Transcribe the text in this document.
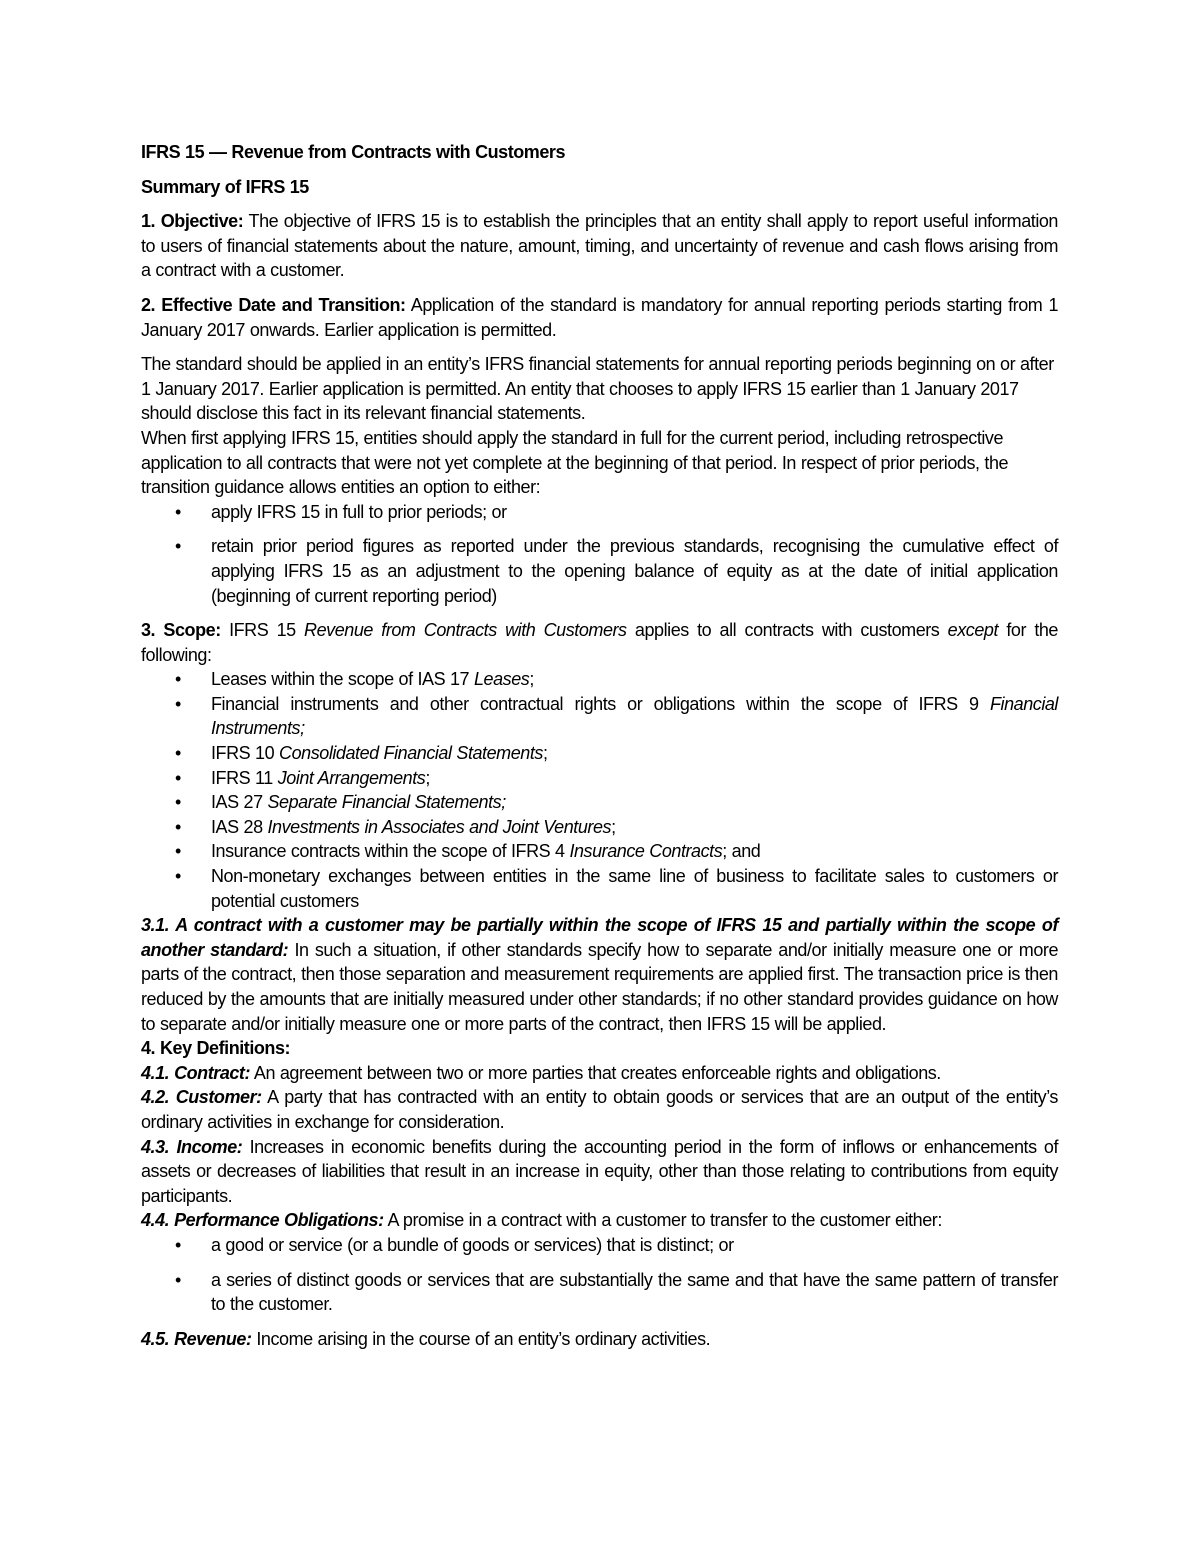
IFRS 15 — Revenue from Contracts with Customers

Summary of IFRS 15

1. Objective: The objective of IFRS 15 is to establish the principles that an entity shall apply to report useful information to users of financial statements about the nature, amount, timing, and uncertainty of revenue and cash flows arising from a contract with a customer.

2. Effective Date and Transition: Application of the standard is mandatory for annual reporting periods starting from 1 January 2017 onwards. Earlier application is permitted.

The standard should be applied in an entity’s IFRS financial statements for annual reporting periods beginning on or after 1 January 2017. Earlier application is permitted. An entity that chooses to apply IFRS 15 earlier than 1 January 2017 should disclose this fact in its relevant financial statements.

When first applying IFRS 15, entities should apply the standard in full for the current period, including retrospective application to all contracts that were not yet complete at the beginning of that period. In respect of prior periods, the transition guidance allows entities an option to either:

• apply IFRS 15 in full to prior periods; or
• retain prior period figures as reported under the previous standards, recognising the cumulative effect of applying IFRS 15 as an adjustment to the opening balance of equity as at the date of initial application (beginning of current reporting period)

3. Scope: IFRS 15 Revenue from Contracts with Customers applies to all contracts with customers except for the following:

• Leases within the scope of IAS 17 Leases;
• Financial instruments and other contractual rights or obligations within the scope of IFRS 9 Financial Instruments;
• IFRS 10 Consolidated Financial Statements;
• IFRS 11 Joint Arrangements;
• IAS 27 Separate Financial Statements;
• IAS 28 Investments in Associates and Joint Ventures;
• Insurance contracts within the scope of IFRS 4 Insurance Contracts; and
• Non-monetary exchanges between entities in the same line of business to facilitate sales to customers or potential customers

3.1. A contract with a customer may be partially within the scope of IFRS 15 and partially within the scope of another standard: In such a situation, if other standards specify how to separate and/or initially measure one or more parts of the contract, then those separation and measurement requirements are applied first. The transaction price is then reduced by the amounts that are initially measured under other standards; if no other standard provides guidance on how to separate and/or initially measure one or more parts of the contract, then IFRS 15 will be applied.

4. Key Definitions:

4.1. Contract: An agreement between two or more parties that creates enforceable rights and obligations.

4.2. Customer: A party that has contracted with an entity to obtain goods or services that are an output of the entity’s ordinary activities in exchange for consideration.

4.3. Income: Increases in economic benefits during the accounting period in the form of inflows or enhancements of assets or decreases of liabilities that result in an increase in equity, other than those relating to contributions from equity participants.

4.4. Performance Obligations: A promise in a contract with a customer to transfer to the customer either:

• a good or service (or a bundle of goods or services) that is distinct; or
• a series of distinct goods or services that are substantially the same and that have the same pattern of transfer to the customer.

4.5. Revenue: Income arising in the course of an entity’s ordinary activities.
